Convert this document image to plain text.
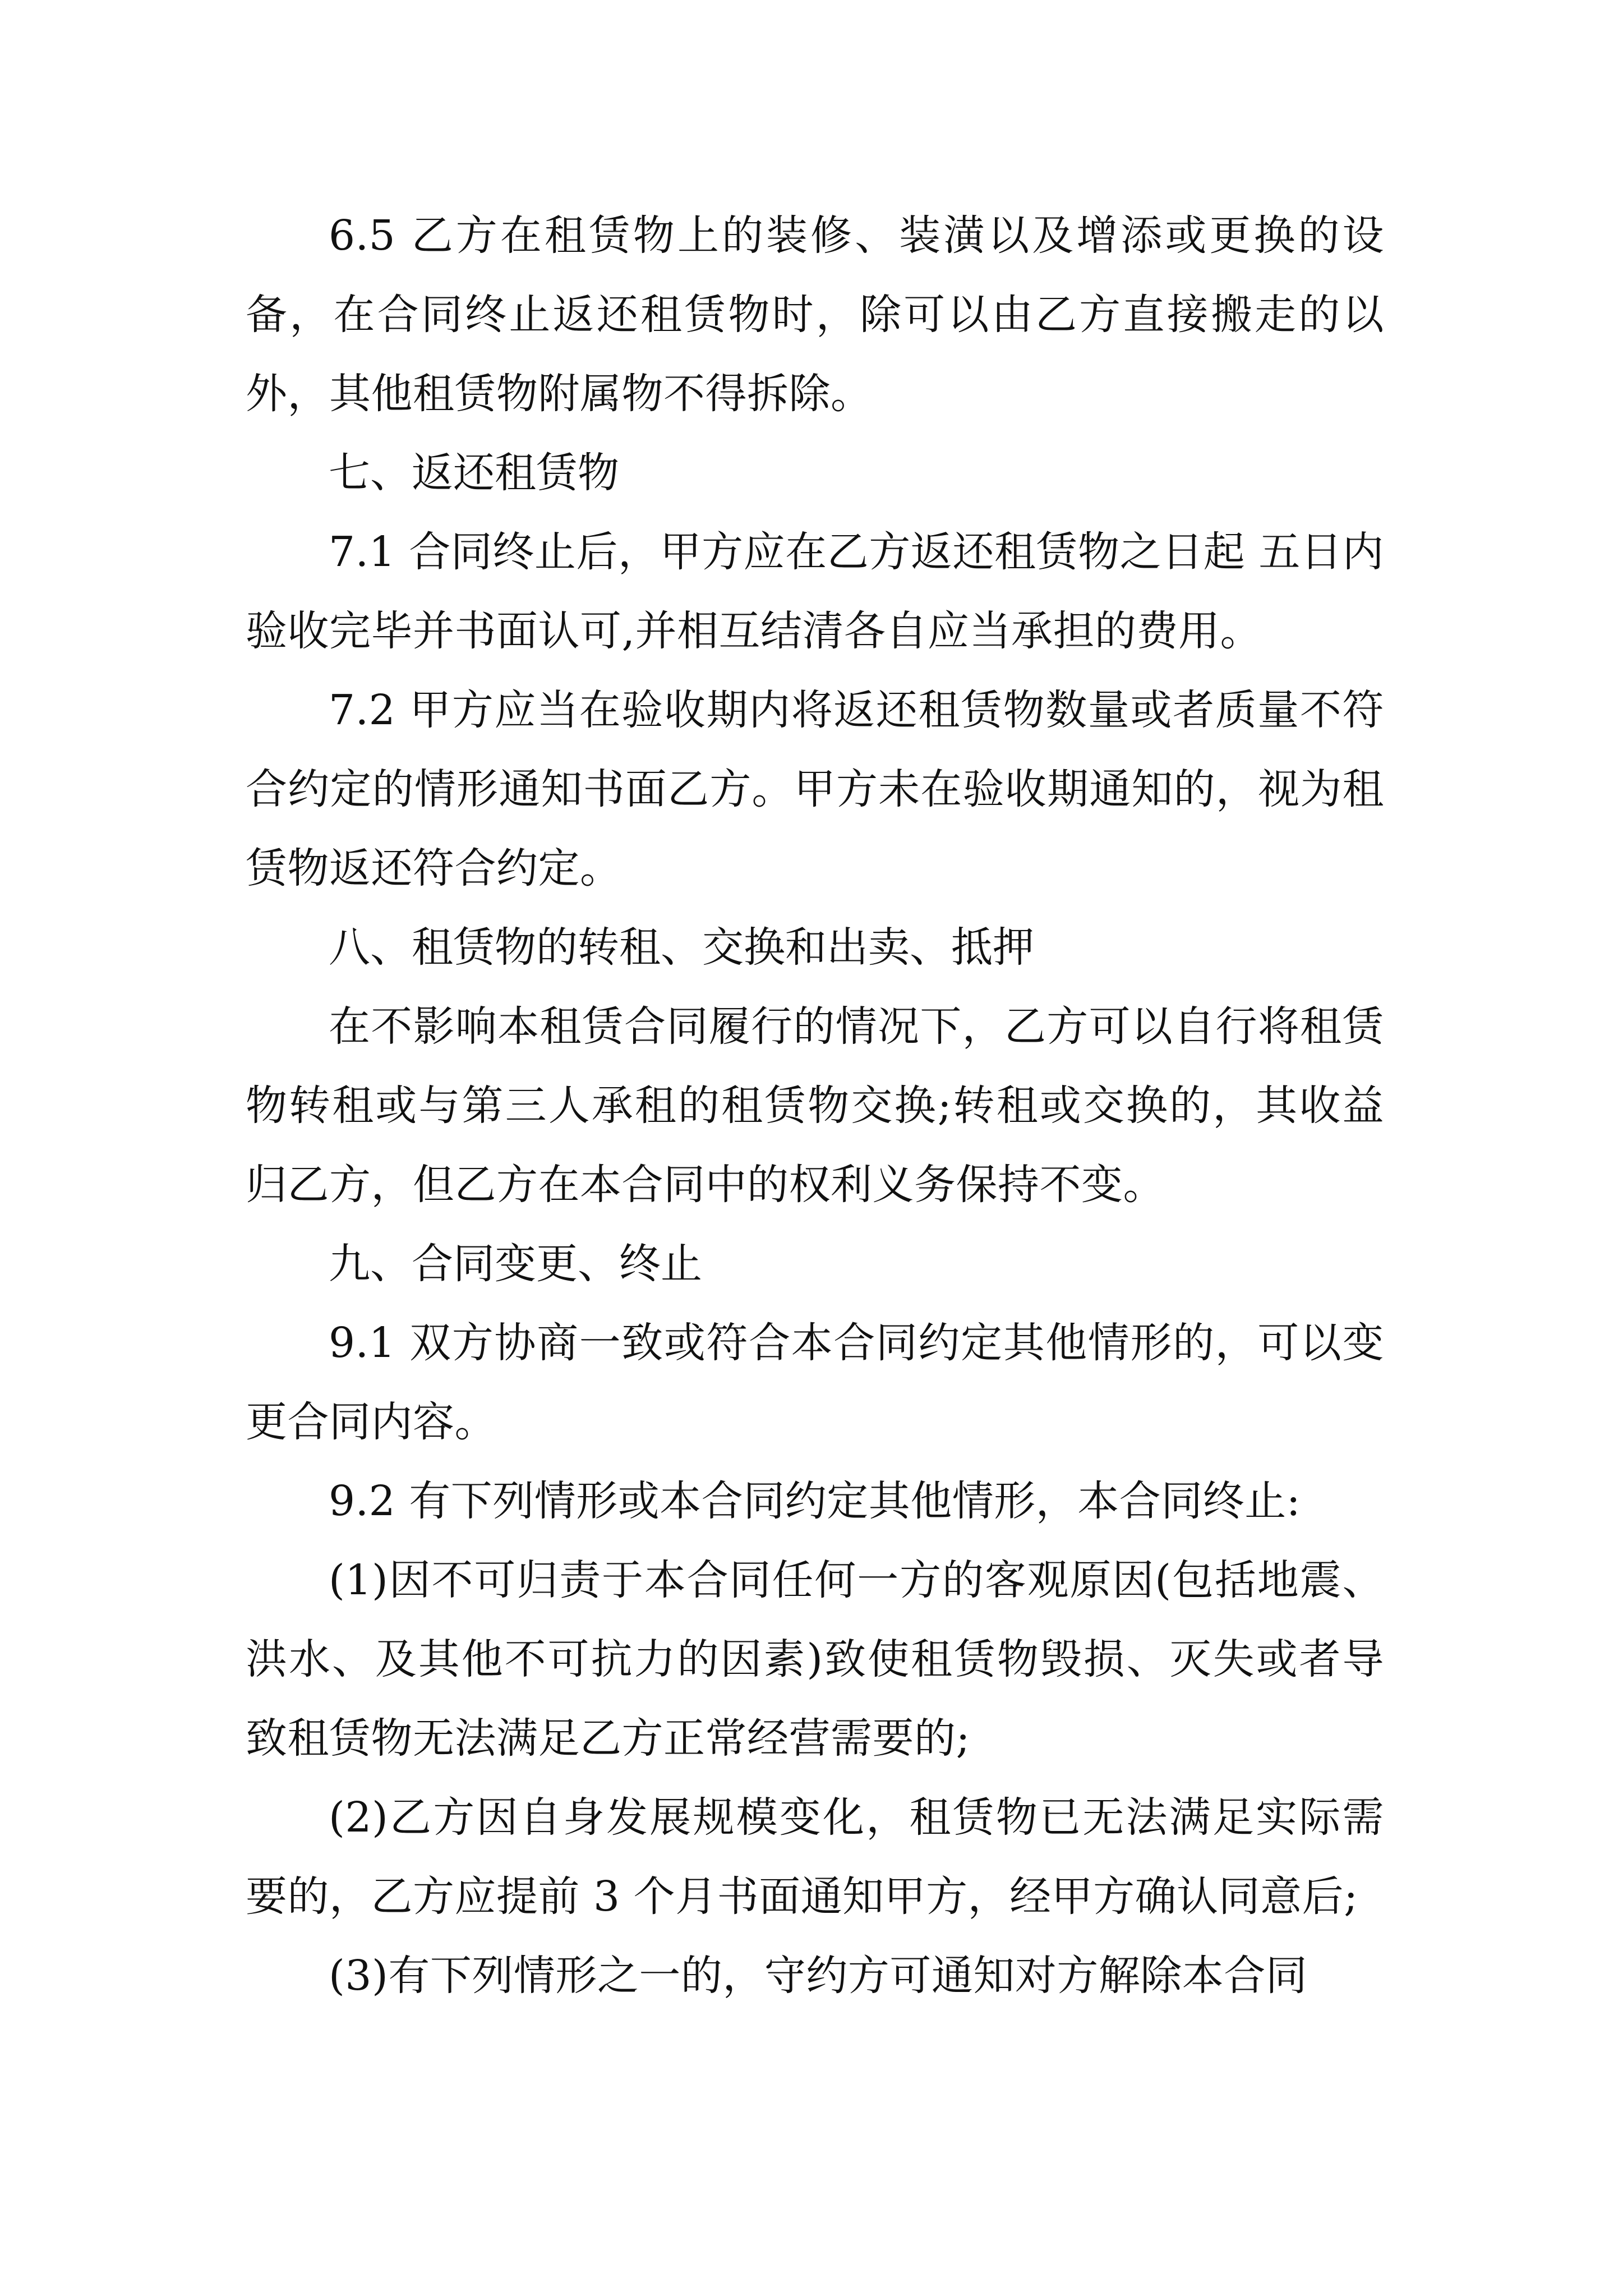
6.5 乙方在租赁物上的装修、装潢以及增添或更换的设备，在合同终止返还租赁物时，除可以由乙方直接搬走的以外，其他租赁物附属物不得拆除。

七、返还租赁物

7.1 合同终止后，甲方应在乙方返还租赁物之日起 五日内验收完毕并书面认可,并相互结清各自应当承担的费用。

7.2 甲方应当在验收期内将返还租赁物数量或者质量不符合约定的情形通知书面乙方。甲方未在验收期通知的，视为租赁物返还符合约定。

八、租赁物的转租、交换和出卖、抵押

在不影响本租赁合同履行的情况下，乙方可以自行将租赁物转租或与第三人承租的租赁物交换;转租或交换的，其收益归乙方，但乙方在本合同中的权利义务保持不变。

九、合同变更、终止

9.1 双方协商一致或符合本合同约定其他情形的，可以变更合同内容。

9.2 有下列情形或本合同约定其他情形，本合同终止:

(1)因不可归责于本合同任何一方的客观原因(包括地震、洪水、及其他不可抗力的因素)致使租赁物毁损、灭失或者导致租赁物无法满足乙方正常经营需要的;

(2)乙方因自身发展规模变化，租赁物已无法满足实际需要的，乙方应提前 3 个月书面通知甲方，经甲方确认同意后;

(3)有下列情形之一的，守约方可通知对方解除本合同
